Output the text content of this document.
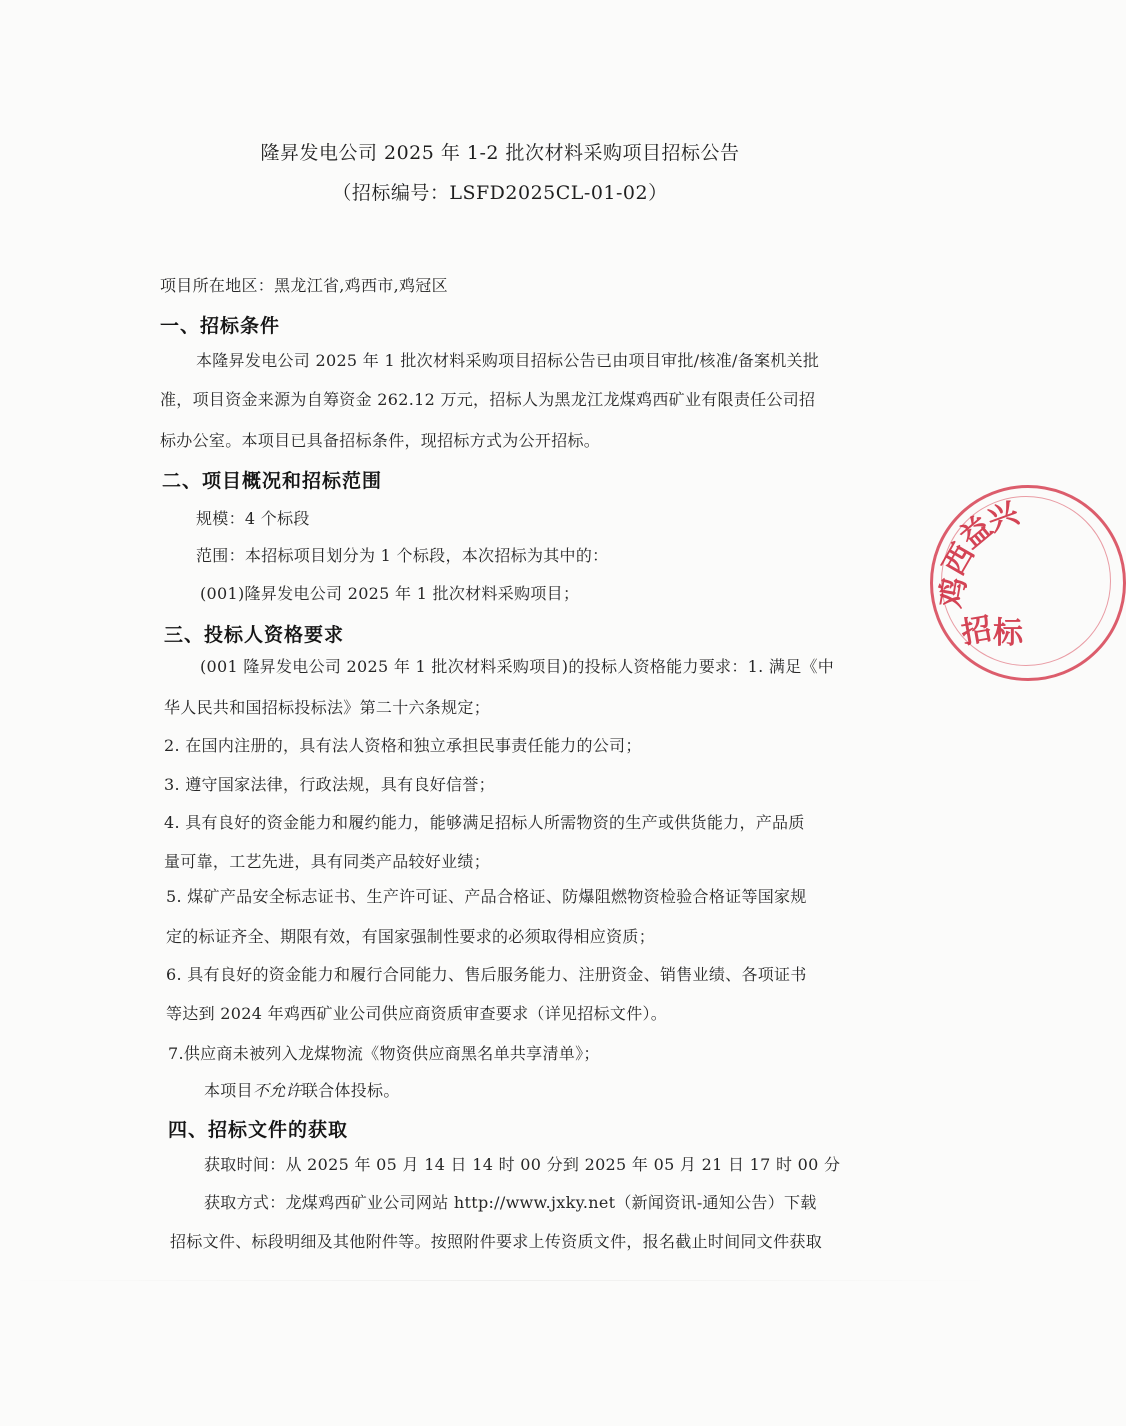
隆昇发电公司 2025 年 1-2 批次材料采购项目招标公告
（招标编号：LSFD2025CL-01-02）
项目所在地区：黑龙江省,鸡西市,鸡冠区
一、招标条件
本隆昇发电公司 2025 年 1 批次材料采购项目招标公告已由项目审批/核准/备案机关批
准，项目资金来源为自筹资金 262.12 万元，招标人为黑龙江龙煤鸡西矿业有限责任公司招
标办公室。本项目已具备招标条件，现招标方式为公开招标。
二、项目概况和招标范围
规模：4 个标段
范围：本招标项目划分为 1 个标段，本次招标为其中的：
(001)隆昇发电公司 2025 年 1 批次材料采购项目；
三、投标人资格要求
(001 隆昇发电公司 2025 年 1 批次材料采购项目)的投标人资格能力要求：1. 满足《中
华人民共和国招标投标法》第二十六条规定；
2. 在国内注册的，具有法人资格和独立承担民事责任能力的公司；
3. 遵守国家法律，行政法规，具有良好信誉；
4. 具有良好的资金能力和履约能力，能够满足招标人所需物资的生产或供货能力，产品质
量可靠，工艺先进，具有同类产品较好业绩；
5. 煤矿产品安全标志证书、生产许可证、产品合格证、防爆阻燃物资检验合格证等国家规
定的标证齐全、期限有效，有国家强制性要求的必须取得相应资质；
6. 具有良好的资金能力和履行合同能力、售后服务能力、注册资金、销售业绩、各项证书
等达到 2024 年鸡西矿业公司供应商资质审查要求（详见招标文件）。
7.供应商未被列入龙煤物流《物资供应商黑名单共享清单》；
本项目不允许联合体投标。
四、招标文件的获取
获取时间：从 2025 年 05 月 14 日 14 时 00 分到 2025 年 05 月 21 日 17 时 00 分
获取方式：龙煤鸡西矿业公司网站 http://www.jxky.net（新闻资讯-通知公告）下载
招标文件、标段明细及其他附件等。按照附件要求上传资质文件，报名截止时间同文件获取
鸡
西
益
兴
招
标
